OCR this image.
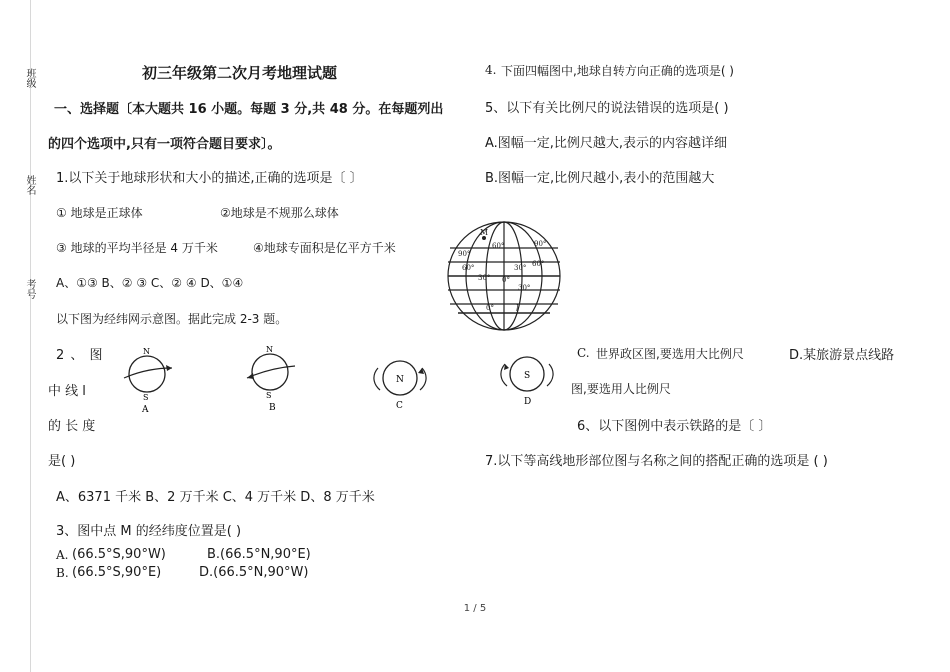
班级
姓名
考号
初三年级第二次月考地理试题
一、选择题〔本大题共 16 小题。每题 3 分,共 48 分。在每题列出
的四个选项中,只有一项符合题目要求〕。
1.以下关于地球形状和大小的描述,正确的选项是〔 〕
① 地球是正球体	②地球是不规那么球体
③ 地球的平均半径是 4 万千米	④地球专面积是亿平方千米
A、①③ B、② ③ C、② ④ D、①④
以下图为经纬网示意图。据此完成 2-3 题。
2 、 图
中 线 l
的 长 度
是( )
A、6371 千米 B、2 万千米 C、4 万千米 D、8 万千米
3、图中点 M 的经纬度位置是( )
A. (66.5°S,90°W)	B.(66.5°N,90°E)
B. (66.5°S,90°E)	D.(66.5°N,90°W)
4. 下面四幅图中,地球自转方向正确的选项是( )
5、以下有关比例尺的说法错误的选项是( )
A.图幅一定,比例尺越大,表示的内容越详细
B.图幅一定,比例尺越小,表小的范围越大
C. 世界政区图,要选用大比例尺	D.某旅游景点线路
图,要选用人比例尺
6、以下图例中表示铁路的是〔 〕
7.以下等高线地形部位图与名称之间的搭配正确的选项是 ( )
90°
60°
60°
30°
30°
0°
30°
60°
0°
90°
M
l
N
S
A
N
S
B
N
C
S
D
1 / 5
